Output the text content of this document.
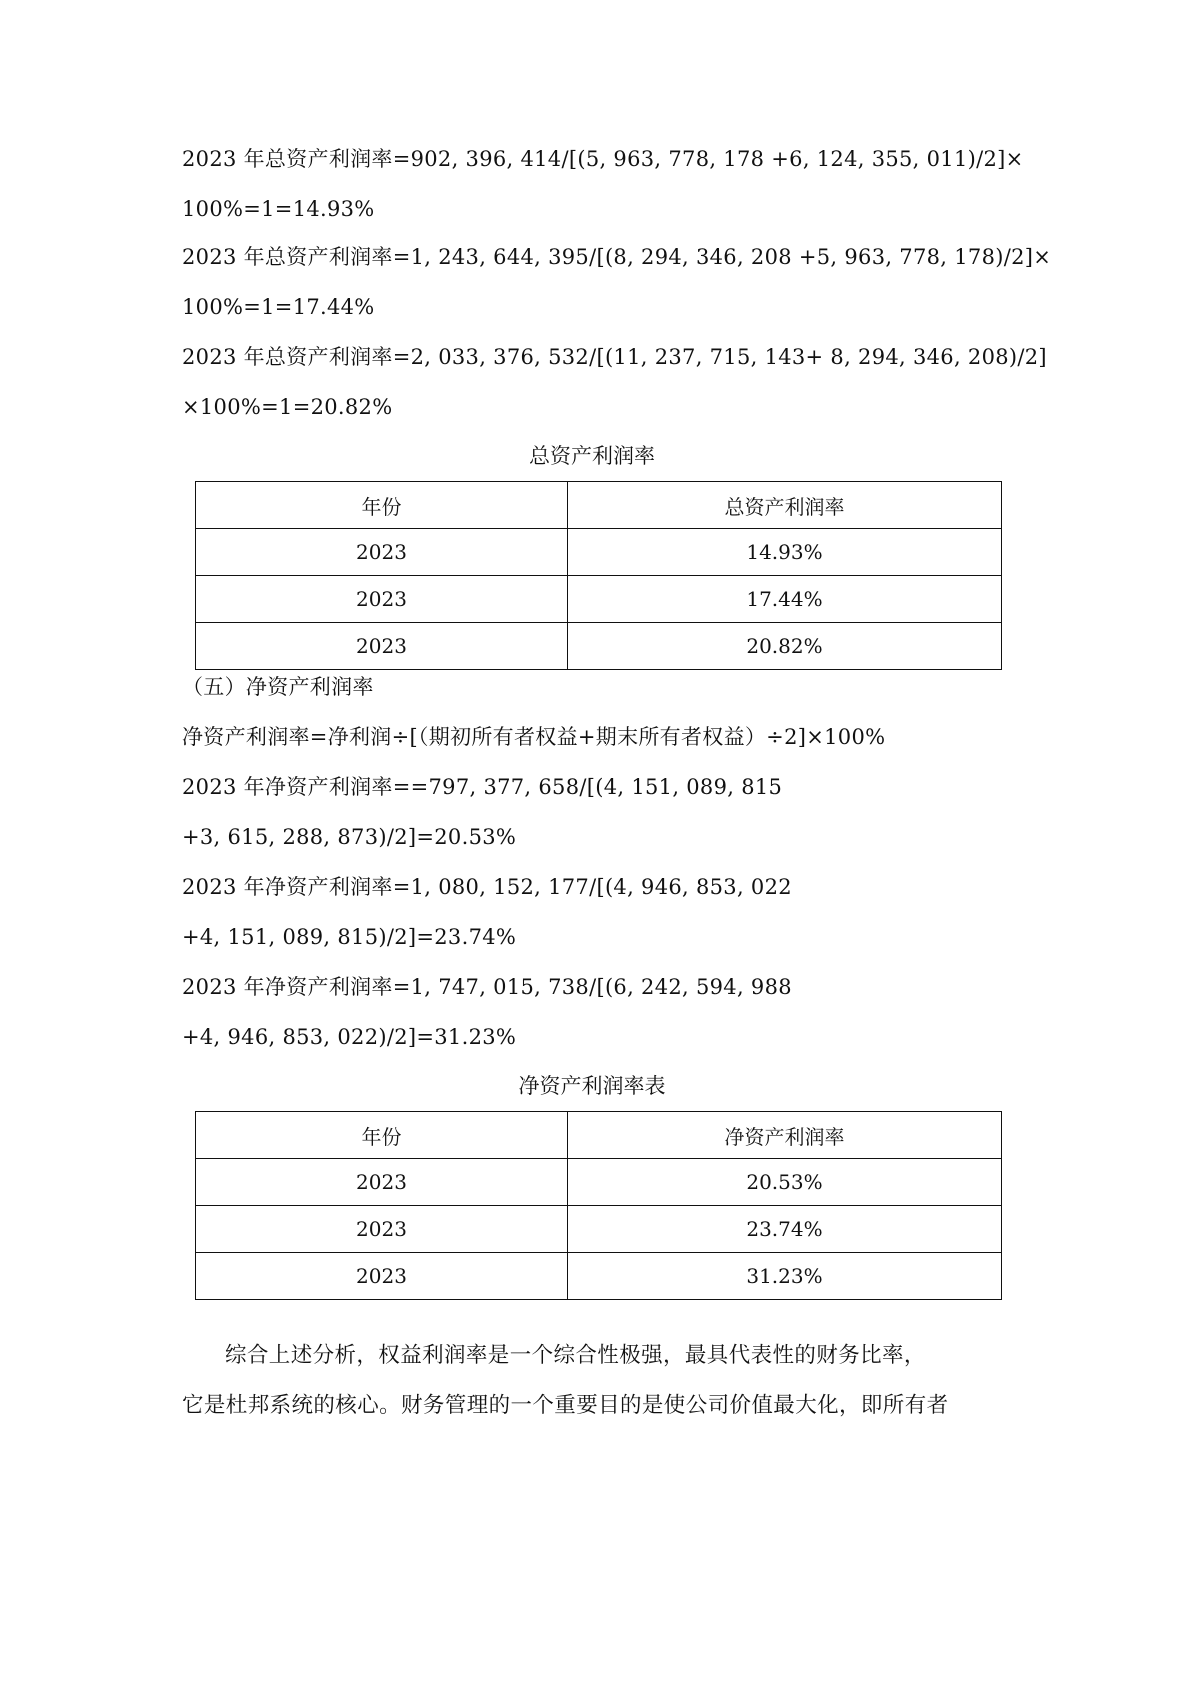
2023 年总资产利润率=902, 396, 414/[(5, 963, 778, 178 +6, 124, 355, 011)/2]×
100%=1=14.93%
2023 年总资产利润率=1, 243, 644, 395/[(8, 294, 346, 208 +5, 963, 778, 178)/2]×
100%=1=17.44%
2023 年总资产利润率=2, 033, 376, 532/[(11, 237, 715, 143+ 8, 294, 346, 208)/2]
×100%=1=20.82%
总资产利润率
年份	总资产利润率
2023	14.93%
2023	17.44%
2023	20.82%
（五）净资产利润率
净资产利润率=净利润÷[（期初所有者权益+期末所有者权益）÷2]×100%
2023 年净资产利润率==797, 377, 658/[(4, 151, 089, 815
+3, 615, 288, 873)/2]=20.53%
2023 年净资产利润率=1, 080, 152, 177/[(4, 946, 853, 022
+4, 151, 089, 815)/2]=23.74%
2023 年净资产利润率=1, 747, 015, 738/[(6, 242, 594, 988
+4, 946, 853, 022)/2]=31.23%
净资产利润率表
年份	净资产利润率
2023	20.53%
2023	23.74%
2023	31.23%
综合上述分析，权益利润率是一个综合性极强，最具代表性的财务比率，
它是杜邦系统的核心。财务管理的一个重要目的是使公司价值最大化，即所有者
